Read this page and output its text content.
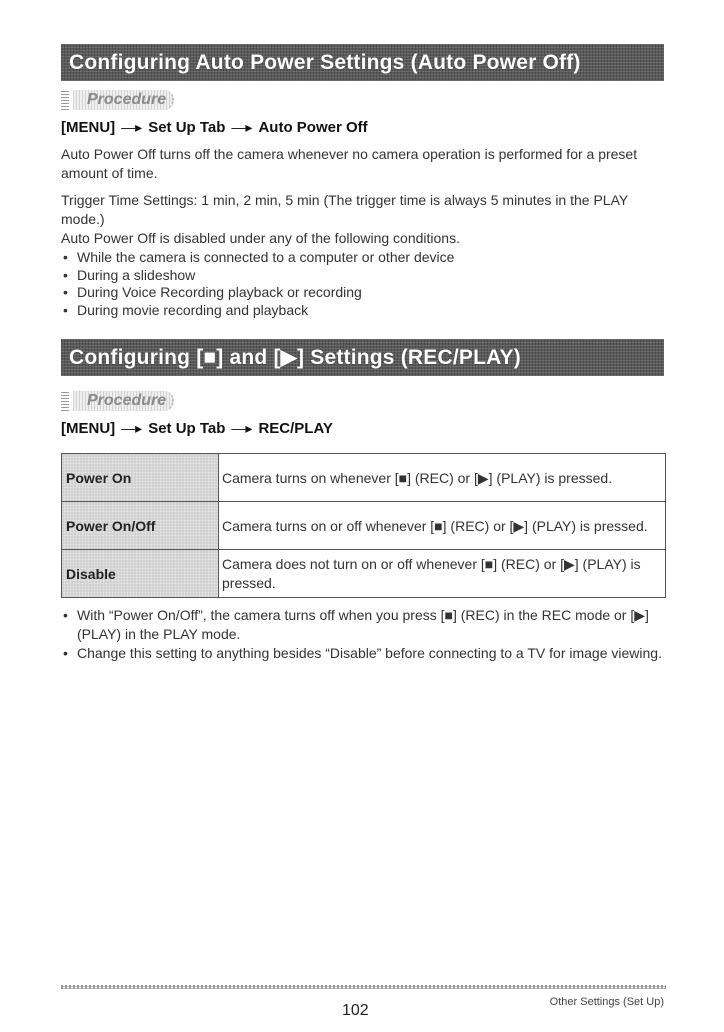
Configuring Auto Power Settings (Auto Power Off)
Procedure
[MENU] —▸ Set Up Tab —▸ Auto Power Off

Auto Power Off turns off the camera whenever no camera operation is performed for a preset amount of time.

Trigger Time Settings: 1 min, 2 min, 5 min (The trigger time is always 5 minutes in the PLAY mode.)

Auto Power Off is disabled under any of the following conditions.

• While the camera is connected to a computer or other device
• During a slideshow
• During Voice Recording playback or recording
• During movie recording and playback
Configuring [■] and [▶] Settings (REC/PLAY)
Procedure
[MENU] —▸ Set Up Tab —▸ REC/PLAY
Power On	Camera turns on whenever [■] (REC) or [▶] (PLAY) is pressed.
Power On/Off	Camera turns on or off whenever [■] (REC) or [▶] (PLAY) is pressed.
Disable	Camera does not turn on or off whenever [■] (REC) or [▶] (PLAY) is pressed.
• With “Power On/Off”, the camera turns off when you press [■] (REC) in the REC mode or [▶] (PLAY) in the PLAY mode.
• Change this setting to anything besides “Disable” before connecting to a TV for image viewing.
102	Other Settings (Set Up)
